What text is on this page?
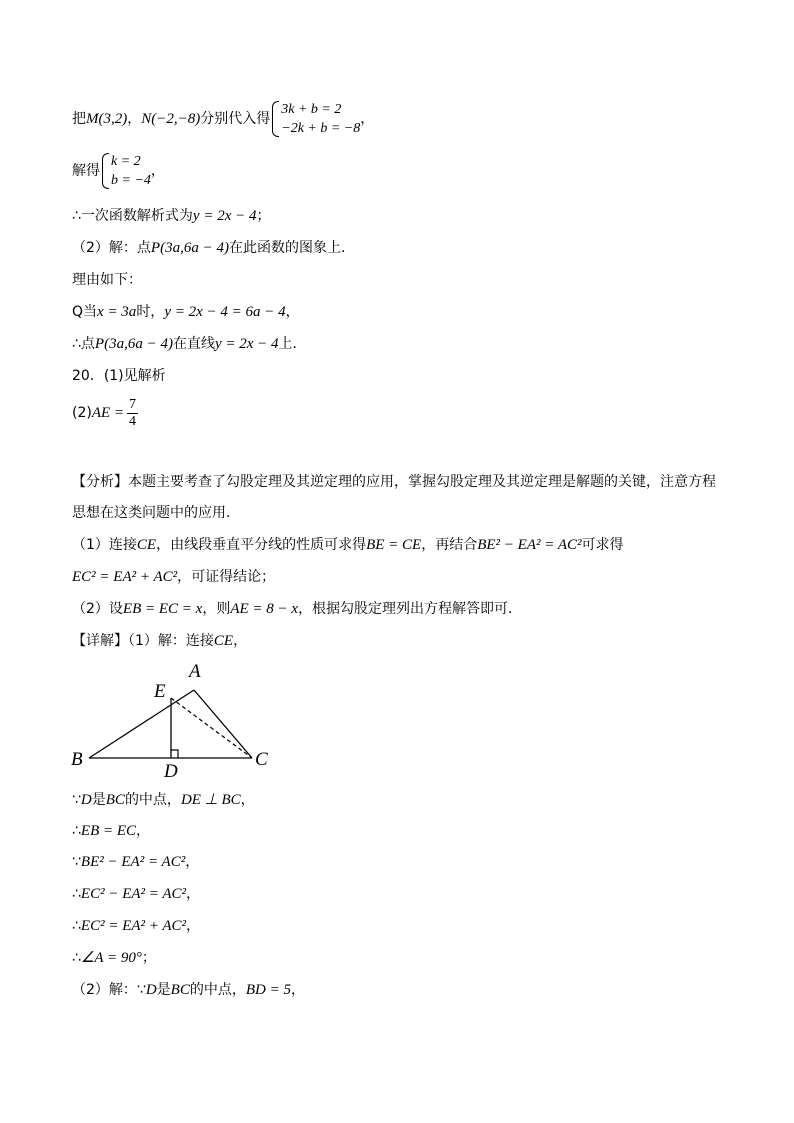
把M(3,2)，N(−2,−8)分别代入得
3k + b = 2
−2k + b = −8
，
解得
k = 2
b = −4
，
∴一次函数解析式为y = 2x − 4；
（2）解：点P(3a,6a − 4)在此函数的图象上．
理由如下：
Q当x = 3a时，y = 2x − 4 = 6a − 4，
∴点P(3a,6a − 4)在直线y = 2x − 4上．
20．(1)见解析
$(2)AE = \frac{7}{4}$
【分析】本题主要考查了勾股定理及其逆定理的应用，掌握勾股定理及其逆定理是解题的关键，注意方程
思想在这类问题中的应用．
（1）连接CE，由线段垂直平分线的性质可求得BE = CE，再结合BE² − EA² = AC²可求得
EC² = EA² + AC²，可证得结论；
（2）设EB = EC = x，则AE = 8 − x，根据勾股定理列出方程解答即可．
【详解】（1）解：连接CE，
A
E
B	C
D
∵D是BC的中点，DE ⊥ BC，
∴EB = EC，
∵BE² − EA² = AC²，
∴EC² − EA² = AC²，
∴EC² = EA² + AC²，
∴∠A = 90°；
（2）解：∵D是BC的中点，BD = 5，
